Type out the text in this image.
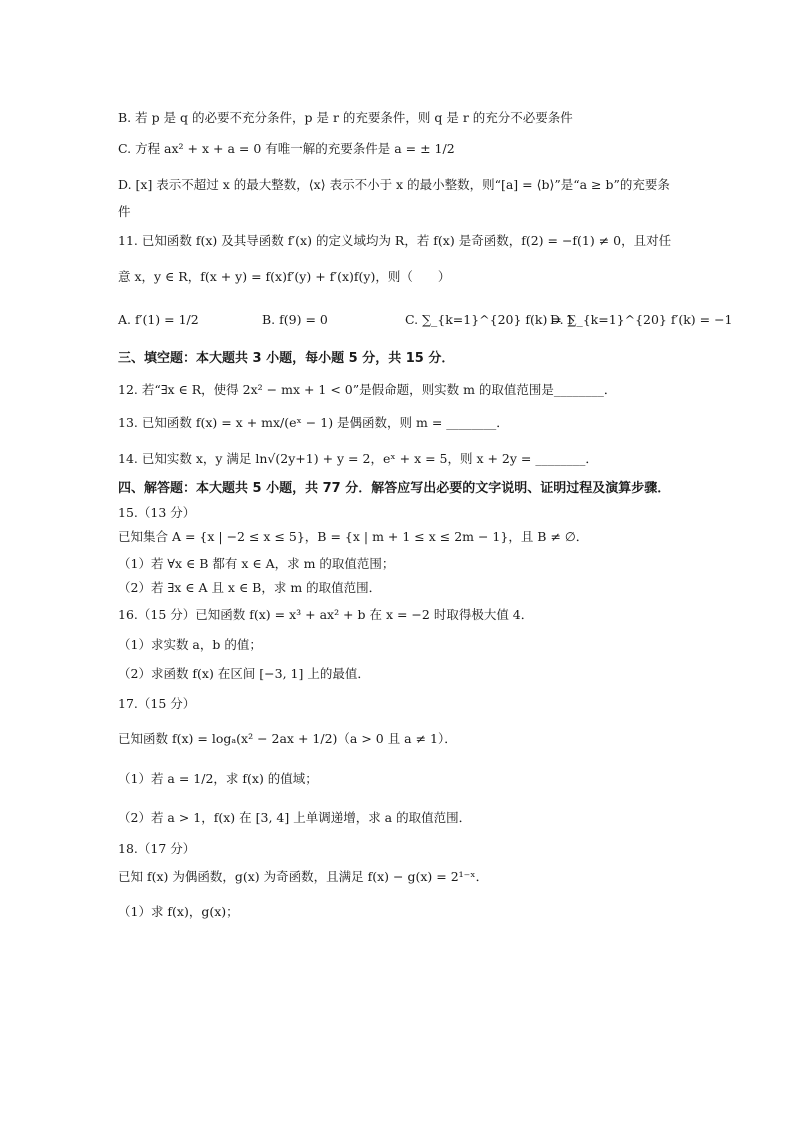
B. 若 p 是 q 的必要不充分条件，p 是 r 的充要条件，则 q 是 r 的充分不必要条件
C. 方程 ax² + x + a = 0 有唯一解的充要条件是 a = ± 1/2
D. [x] 表示不超过 x 的最大整数，⟨x⟩ 表示不小于 x 的最小整数，则“[a] = ⟨b⟩”是“a ≥ b”的充要条
件
11. 已知函数 f(x) 及其导函数 f′(x) 的定义域均为 R，若 f(x) 是奇函数，f(2) = −f(1) ≠ 0，且对任
意 x，y ∈ R，f(x + y) = f(x)f′(y) + f′(x)f(y)，则（　　）
A. f′(1) = 1/2	B. f(9) = 0	C. ∑_{k=1}^{20} f(k) = 1
D. ∑_{k=1}^{20} f′(k) = −1
三、填空题：本大题共 3 小题，每小题 5 分，共 15 分．
12. 若“∃x ∈ R，使得 2x² − mx + 1 < 0”是假命题，则实数 m 的取值范围是________．
13. 已知函数 f(x) = x + mx/(eˣ − 1) 是偶函数，则 m = ________．
14. 已知实数 x，y 满足 ln√(2y+1) + y = 2，eˣ + x = 5，则 x + 2y = ________．
四、解答题：本大题共 5 小题，共 77 分．解答应写出必要的文字说明、证明过程及演算步骤．
15.（13 分）
已知集合 A = {x | −2 ≤ x ≤ 5}，B = {x | m + 1 ≤ x ≤ 2m − 1}，且 B ≠ ∅．
（1）若 ∀x ∈ B 都有 x ∈ A，求 m 的取值范围；
（2）若 ∃x ∈ A 且 x ∈ B，求 m 的取值范围．
16.（15 分）已知函数 f(x) = x³ + ax² + b 在 x = −2 时取得极大值 4．
（1）求实数 a，b 的值；
（2）求函数 f(x) 在区间 [−3, 1] 上的最值．
17.（15 分）
已知函数 f(x) = logₐ(x² − 2ax + 1/2)（a > 0 且 a ≠ 1）．
（1）若 a = 1/2，求 f(x) 的值域；
（2）若 a > 1，f(x) 在 [3, 4] 上单调递增，求 a 的取值范围．
18.（17 分）
已知 f(x) 为偶函数，g(x) 为奇函数，且满足 f(x) − g(x) = 2¹⁻ˣ．
（1）求 f(x)，g(x)；
